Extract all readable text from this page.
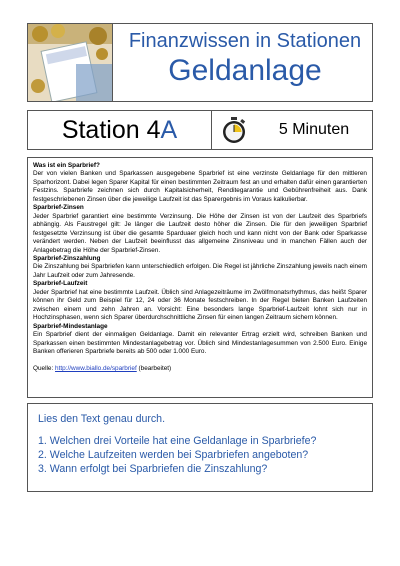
Finanzwissen in Stationen
Geldanlage
Station 4 A	5 Minuten

Was ist ein Sparbrief?

Der von vielen Banken und Sparkassen ausgegebene Sparbrief ist eine verzinste Geldanlage für den mittleren Sparhorizont. Dabei legen Sparer Kapital für einen bestimmten Zeitraum fest an und erhalten dafür einen garantierten Festzins. Sparbriefe zeichnen sich durch Kapitalsicherheit, Renditegarantie und Gebührenfreiheit aus. Dank festgeschriebenen Zinsen über die jeweilige Laufzeit ist das Sparergebnis im Voraus kalkulierbar.

Sparbrief-Zinsen

Jeder Sparbrief garantiert eine bestimmte Verzinsung. Die Höhe der Zinsen ist von der Laufzeit des Sparbriefs abhängig. Als Faustregel gilt: Je länger die Laufzeit desto höher die Zinsen. Die für den jeweiligen Sparbrief festgesetzte Verzinsung ist über die gesamte Sparduaer gleich hoch und kann nicht von der Bank oder Sparkasse verändert werden. Neben der Laufzeit beeinflusst das allgemeine Zinsniveau und in manchen Fällen auch der Anlagebetrag die Höhe der Sparbrief-Zinsen.

Sparbrief-Zinszahlung

Die Zinszahlung bei Sparbriefen kann unterschiedlich erfolgen. Die Regel ist jährliche Zinszahlung jeweils nach einem Jahr Laufzeit oder zum Jahresende.

Sparbrief-Laufzeit

Jeder Sparbrief hat eine bestimmte Laufzeit. Üblich sind Anlagezeiträume im Zwölfmonatsrhythmus, das heißt Sparer können ihr Geld zum Beispiel für 12, 24 oder 36 Monate festschreiben. In der Regel bieten Banken Laufzeiten zwischen einem und zehn Jahren an. Vorsicht: Eine besonders lange Sparbrief-Laufzeit lohnt sich nur in Hochzinsphasen, wenn sich Sparer überdurchschnittliche Zinsen für einen langen Zeitraum sichern können.

Sparbrief-Mindestanlage

Ein Sparbrief dient der einmaligen Geldanlage. Damit ein relevanter Ertrag erzielt wird, schreiben Banken und Sparkassen einen bestimmten Mindestanlagebetrag vor. Üblich sind Mindestanlagesummen von 2.500 Euro. Einige Banken offerieren Sparbriefe bereits ab 500 oder 1.000 Euro.

Quelle: http://www.biallo.de/sparbrief (bearbeitet)

Lies den Text genau durch.

1. Welchen drei Vorteile hat eine Geldanlage in Sparbriefe?

2. Welche Laufzeiten werden bei Sparbriefen angeboten?

3. Wann erfolgt bei Sparbriefen die Zinszahlung?
